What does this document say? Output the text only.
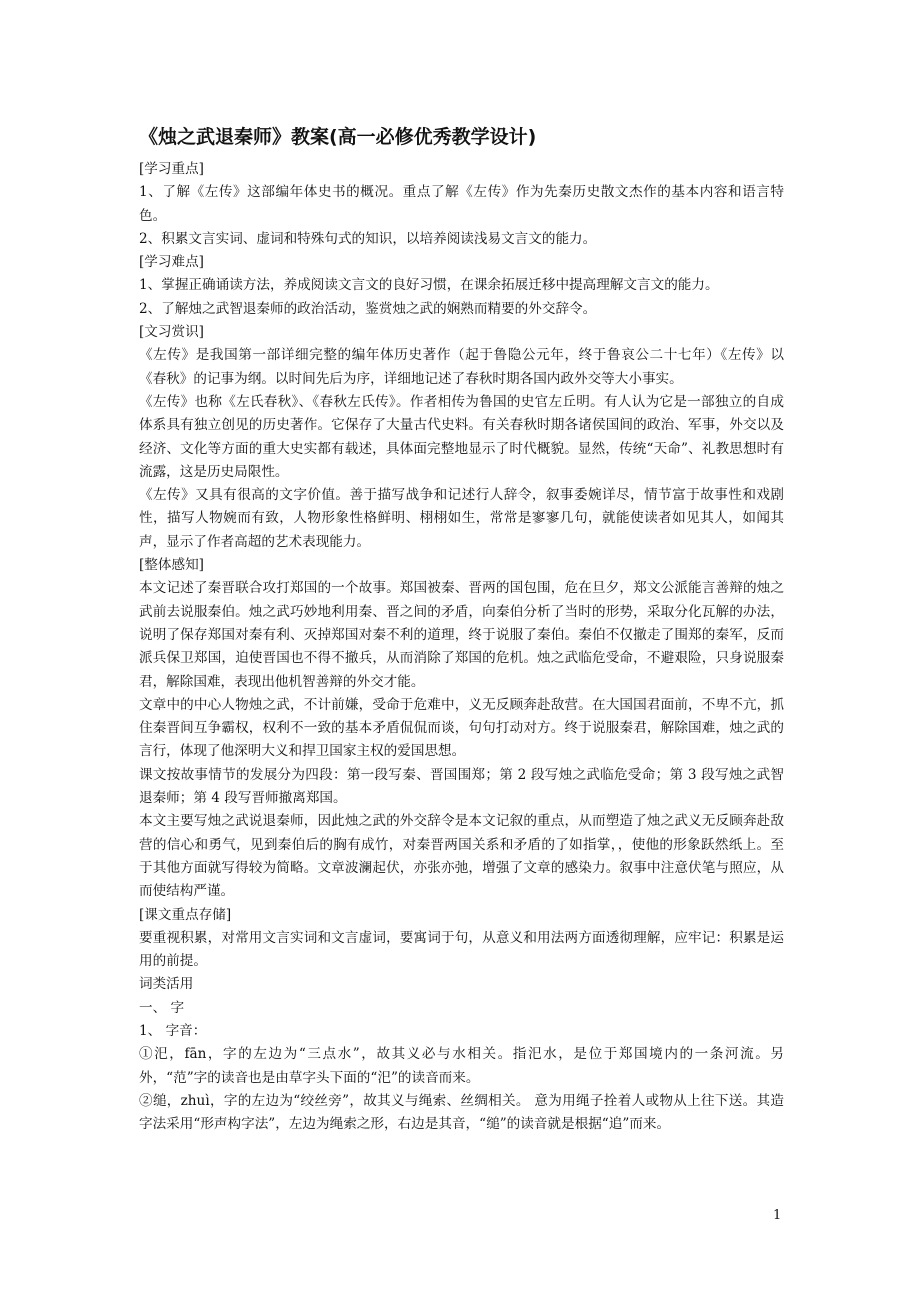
《烛之武退秦师》教案(高一必修优秀教学设计)

[学习重点]

1、了解《左传》这部编年体史书的概况。重点了解《左传》作为先秦历史散文杰作的基本内容和语言特色。

2、积累文言实词、虚词和特殊句式的知识，以培养阅读浅易文言文的能力。

[学习难点]

1、掌握正确诵读方法，养成阅读文言文的良好习惯，在课余拓展迁移中提高理解文言文的能力。

2、了解烛之武智退秦师的政治活动，鉴赏烛之武的娴熟而精要的外交辞令。

[文习赏识]

《左传》是我国第一部详细完整的编年体历史著作（起于鲁隐公元年，终于鲁哀公二十七年）《左传》以《春秋》的记事为纲。以时间先后为序，详细地记述了春秋时期各国内政外交等大小事实。

《左传》也称《左氏春秋》、《春秋左氏传》。作者相传为鲁国的史官左丘明。有人认为它是一部独立的自成体系具有独立创见的历史著作。它保存了大量古代史料。有关春秋时期各诸侯国间的政治、军事，外交以及经济、文化等方面的重大史实都有载述，具体面完整地显示了时代概貌。显然，传统“天命”、礼教思想时有流露，这是历史局限性。

《左传》又具有很高的文字价值。善于描写战争和记述行人辞令，叙事委婉详尽，情节富于故事性和戏剧性，描写人物婉而有致，人物形象性格鲜明、栩栩如生，常常是寥寥几句，就能使读者如见其人，如闻其声，显示了作者高超的艺术表现能力。

[整体感知]

本文记述了秦晋联合攻打郑国的一个故事。郑国被秦、晋两的国包围，危在旦夕，郑文公派能言善辩的烛之武前去说服秦伯。烛之武巧妙地利用秦、晋之间的矛盾，向秦伯分析了当时的形势，采取分化瓦解的办法，说明了保存郑国对秦有利、灭掉郑国对秦不利的道理，终于说服了秦伯。秦伯不仅撤走了围郑的秦军，反而派兵保卫郑国，迫使晋国也不得不撤兵，从而消除了郑国的危机。烛之武临危受命，不避艰险，只身说服秦君，解除国难，表现出他机智善辩的外交才能。

文章中的中心人物烛之武，不计前嫌，受命于危难中，义无反顾奔赴敌营。在大国国君面前，不卑不亢，抓住秦晋间互争霸权，权利不一致的基本矛盾侃侃而谈，句句打动对方。终于说服秦君，解除国难，烛之武的言行，体现了他深明大义和捍卫国家主权的爱国思想。

课文按故事情节的发展分为四段：第一段写秦、晋国围郑；第 2 段写烛之武临危受命；第 3 段写烛之武智退秦师；第 4 段写晋师撤离郑国。

本文主要写烛之武说退秦师，因此烛之武的外交辞令是本文记叙的重点，从而塑造了烛之武义无反顾奔赴敌营的信心和勇气，见到秦伯后的胸有成竹，对秦晋两国关系和矛盾的了如指掌，，使他的形象跃然纸上。至于其他方面就写得较为简略。文章波澜起伏，亦张亦弛，增强了文章的感染力。叙事中注意伏笔与照应，从而使结构严谨。

[课文重点存储]

要重视积累，对常用文言实词和文言虚词，要寓词于句，从意义和用法两方面透彻理解，应牢记：积累是运用的前提。

词类活用

一、 字

1、 字音：

①汜，fān，字的左边为“三点水”，故其义必与水相关。指汜水，是位于郑国境内的一条河流。另外，“范”字的读音也是由草字头下面的“汜”的读音而来。

②缒，zhuì，字的左边为“绞丝旁”，故其义与绳索、丝绸相关。 意为用绳子拴着人或物从上往下送。其造字法采用“形声构字法”，左边为绳索之形，右边是其音，“缒”的读音就是根据“追”而来。

1
